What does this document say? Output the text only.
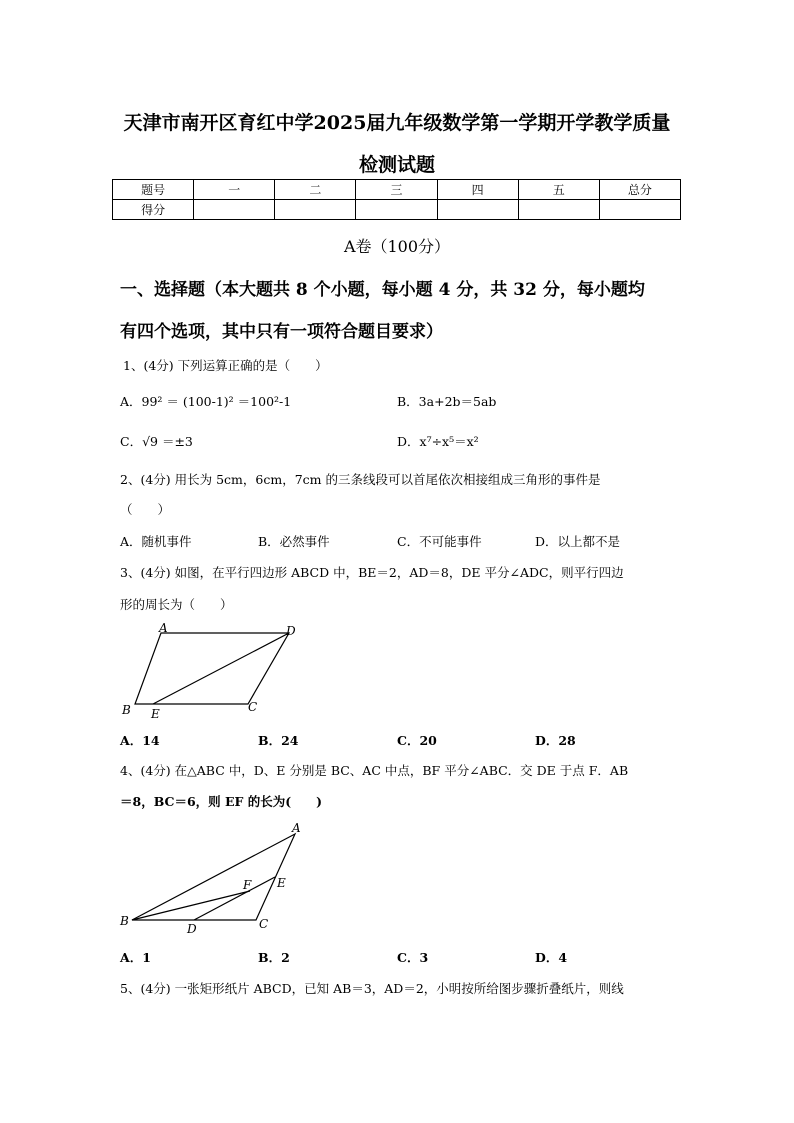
天津市南开区育红中学2025届九年级数学第一学期开学教学质量
检测试题
题号	一	二	三	四	五	总分
得分						
A卷（100分）
一、选择题（本大题共 8 个小题，每小题 4 分，共 32 分，每小题均
有四个选项，其中只有一项符合题目要求）
1、(4分) 下列运算正确的是（　　）
A．99² ＝ (100-1)² ＝100²-1	B．3a+2b＝5ab
C．√9 ＝±3	D．x⁷÷x⁵＝x²
2、(4分) 用长为 5cm，6cm，7cm 的三条线段可以首尾依次相接组成三角形的事件是
（　　）
A．随机事件	B．必然事件	C．不可能事件	D．以上都不是
3、(4分) 如图，在平行四边形 ABCD 中，BE＝2，AD＝8，DE 平分∠ADC，则平行四边
形的周长为（　　）
A	D
B E	C
A．14	B．24	C．20	D．28
4、(4分) 在△ABC 中，D、E 分别是 BC、AC 中点，BF 平分∠ABC．交 DE 于点 F．AB
＝8，BC＝6，则 EF 的长为(　　)
A
F E
B
D	C
A．1	B．2	C．3	D．4
5、(4分) 一张矩形纸片 ABCD，已知 AB＝3，AD＝2，小明按所给图步骤折叠纸片，则线
